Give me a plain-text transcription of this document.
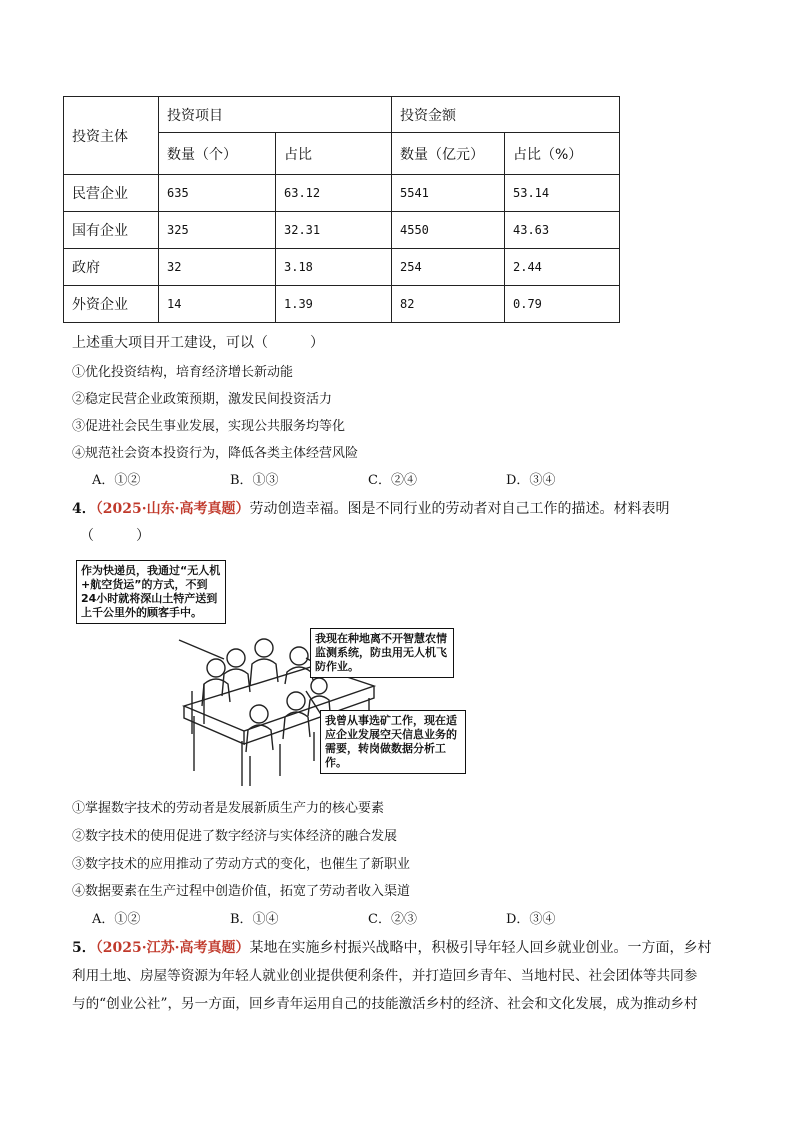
投资主体	投资项目		投资金额	
	数量（个）	占比	数量（亿元）	占比（%）
民营企业	635	63.12	5541	53.14
国有企业	325	32.31	4550	43.63
政府	32	3.18	254	2.44
外资企业	14	1.39	82	0.79
上述重大项目开工建设，可以（　　　）
①优化投资结构，培育经济增长新动能
②稳定民营企业政策预期，激发民间投资活力
③促进社会民生事业发展，实现公共服务均等化
④规范社会资本投资行为，降低各类主体经营风险
A．①②	B．①③	C．②④	D．③④
4．（2025·山东·高考真题）劳动创造幸福。图是不同行业的劳动者对自己工作的描述。材料表明
（　　　）
作为快递员，我通过“无人机+航空货运”的方式，不到24小时就将深山土特产送到上千公里外的顾客手中。
我现在种地离不开智慧农情监测系统，防虫用无人机飞防作业。
我曾从事选矿工作，现在适应企业发展空天信息业务的需要，转岗做数据分析工作。
①掌握数字技术的劳动者是发展新质生产力的核心要素
②数字技术的使用促进了数字经济与实体经济的融合发展
③数字技术的应用推动了劳动方式的变化，也催生了新职业
④数据要素在生产过程中创造价值，拓宽了劳动者收入渠道
A．①②	B．①④	C．②③	D．③④
5．（2025·江苏·高考真题）某地在实施乡村振兴战略中，积极引导年轻人回乡就业创业。一方面，乡村
利用土地、房屋等资源为年轻人就业创业提供便利条件，并打造回乡青年、当地村民、社会团体等共同参
与的“创业公社”，另一方面，回乡青年运用自己的技能激活乡村的经济、社会和文化发展，成为推动乡村
